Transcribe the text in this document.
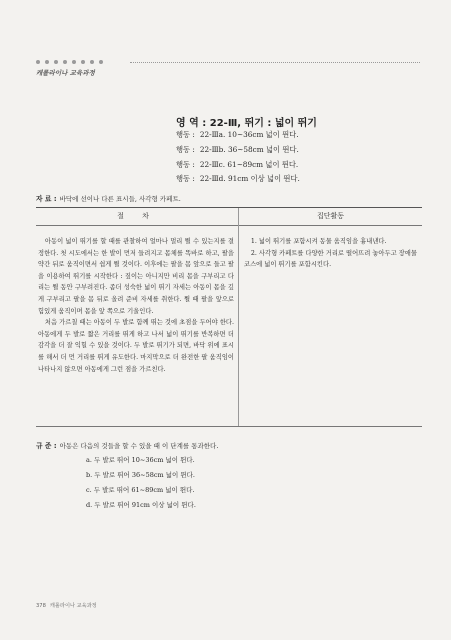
캐롤라이나 교육과정
영 역 : 22-Ⅲ, 뛰기 : 넓이 뛰기
행동 : 22-Ⅲa. 10~36cm 넓이 뛴다.
행동 : 22-Ⅲb. 36~58cm 넓이 뛴다.
행동 : 22-Ⅲc. 61~89cm 넓이 뛴다.
행동 : 22-Ⅲd. 91cm 이상 넓이 뛴다.
자 료 : 바닥에 선이나 다른 표시들, 사각형 카페트.
절 차	집단활동

아동이 넓이 뛰기를 할 때를 관찰하여 얼마나 멀리 뛸 수 있는지를 결정한다. 첫 시도에서는 한 발이 먼저 들려지고 몸체를 똑바로 하고, 팔을 약간 뒤로 움직이면서 쉽게 뛸 것이다. 이후에는 팔을 몸 앞으로 들고 팔을 이용하여 뛰기를 시작한다 : 짚이는 아니지만 비리 몸을 구부리고 다리는 뛸 동안 구부려진다. 좀더 성숙한 넓이 뛰기 자세는 아동이 몸을 깊게 구부리고 팔을 몸 뒤로 올려 준비 자세를 취한다. 뛸 때 팔을 앞으로 힘있게 움직이며 몸을 앞 쪽으로 기울인다.

처음 가르칠 때는 아동이 두 발로 함께 뛰는 것에 초점을 두어야 한다. 아동에게 두 발로 짧은 거리를 뛰게 하고 나서 넓이 뛰기를 반복하면 더 감각을 더 잘 익힐 수 있을 것이다. 두 발로 뛰기가 되면, 바닥 위에 표시를 해서 더 먼 거리를 뛰게 유도한다. 마지막으로 더 완전한 팔 움직임이 나타나지 않으면 아동에게 그런 점을 가르친다.

1. 넓이 뛰기를 포함시켜 동물 움직임을 흉내낸다.

2. 사각형 카페트를 다양한 거리로 떨어뜨려 놓아두고 장애물 코스에 넓이 뛰기를 포함시킨다.

규 준 : 아동은 다음의 것들을 할 수 있을 때 이 단계를 통과한다.
a. 두 발로 뛰어 10~36cm 넓이 뛴다.
b. 두 발로 뛰어 36~58cm 넓이 뛴다.
c. 두 발로 뛰어 61~89cm 넓이 뛴다.
d. 두 발로 뛰어 91cm 이상 넓이 뛴다.
378 캐롤라이나 교육과정
